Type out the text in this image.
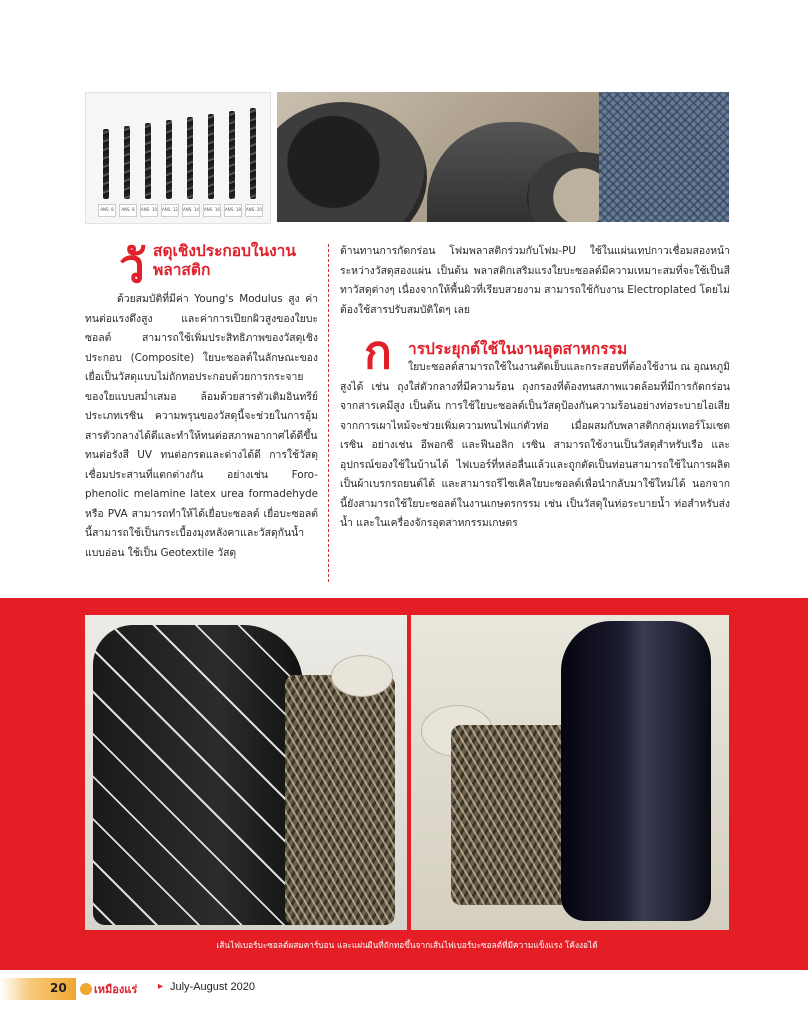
ANS. 8	ANS. 8	ANS. 10 ANS. 12 ANS. 14 ANS. 16 ANS. 18 ANS. 20
วั สดุเชิงประกอบในงาน พลาสติก
ด้วยสมบัติที่มีค่า Young's Modulus สูง ค่าทนต่อแรงดึงสูง และค่าการเปียกผิวสูงของใยบะซอลต์ สามารถใช้เพิ่มประสิทธิภาพของวัสดุเชิงประกอบ (Composite) ใยบะซอลต์ในลักษณะของเยื่อเป็นวัสดุแบบไม่ถักทอประกอบด้วยการกระจายของใยแบบสม่ำเสมอ ล้อมด้วยสารตัวเติมอินทรีย์ประเภทเรซิน ความพรุนของวัสดุนี้จะช่วยในการอุ้มสารตัวกลางได้ดีและทำให้ทนต่อสภาพอากาศได้ดีขึ้น ทนต่อรังสี UV ทนต่อกรดและด่างได้ดี การใช้วัสดุเชื่อมประสานที่แตกต่างกัน อย่างเช่น Foro-phenolic melamine latex urea formadehyde หรือ PVA สามารถทำให้ได้เยื่อบะซอลต์ เยื่อบะซอลต์นี้สามารถใช้เป็นกระเบื้องมุงหลังคาและวัสดุกันน้ำแบบอ่อน ใช้เป็น Geotextile วัสดุ
ต้านทานการกัดกร่อน โฟมพลาสติกร่วมกับโฟม-PU ใช้ในแผ่นเทปกาวเชื่อมสองหน้าระหว่างวัสดุสองแผ่น เป็นต้น พลาสติกเสริมแรงใยบะซอลต์มีความเหมาะสมที่จะใช้เป็นสีทาวัสดุต่างๆ เนื่องจากให้พื้นผิวที่เรียบสวยงาม สามารถใช้กับงาน Electroplated โดยไม่ต้องใช้สารปรับสมบัติใดๆ เลย
ก ารประยุกต์ใช้ในงานอุตสาหกรรม
ใยบะซอลต์สามารถใช้ในงานตัดเย็บและกระสอบที่ต้องใช้งาน ณ อุณหภูมิสูงได้ เช่น ถุงใส่ตัวกลางที่มีความร้อน ถุงกรองที่ต้องทนสภาพแวดล้อมที่มีการกัดกร่อนจากสารเคมีสูง เป็นต้น การใช้ใยบะซอลต์เป็นวัสดุป้องกันความร้อนอย่างท่อระบายไอเสียจากการเผาไหม้จะช่วยเพิ่มความทนไฟแก่ตัวท่อ เมื่อผสมกับพลาสติกกลุ่มเทอร์โมเซต เรซิน อย่างเช่น อีพอกซี และฟีนอลิก เรซิน สามารถใช้งานเป็นวัสดุสำหรับเรือ และอุปกรณ์ของใช้ในบ้านได้ ไฟเบอร์ที่หล่อลื่นแล้วและถูกตัดเป็นท่อนสามารถใช้ในการผลิตเป็นผ้าเบรกรถยนต์ได้ และสามารถรีไซเคิลใยบะซอลต์เพื่อนำกลับมาใช้ใหม่ได้ นอกจากนี้ยังสามารถใช้ใยบะซอลต์ในงานเกษตรกรรม เช่น เป็นวัสดุในท่อระบายน้ำ ท่อสำหรับส่งน้ำ และในเครื่องจักรอุตสาหกรรมเกษตร
เส้นไฟเบอร์บะซอลต์ผสมคาร์บอน และแผ่นผืนที่ถักทอขึ้นจากเส้นไฟเบอร์บะซอลต์ที่มีความแข็งแรง โค้งงอได้
20	เหมืองแร่ ▸ July-August 2020
